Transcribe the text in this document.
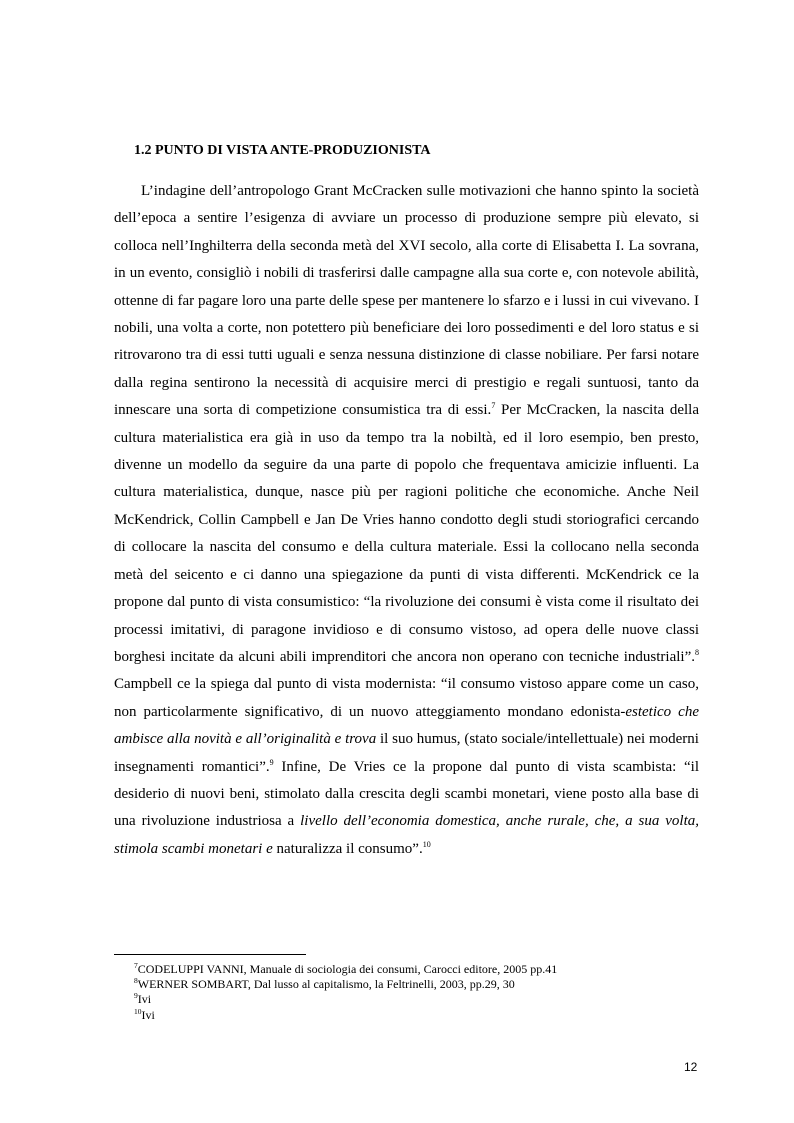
1.2 PUNTO DI VISTA ANTE-PRODUZIONISTA

L’indagine dell’antropologo Grant McCracken sulle motivazioni che hanno spinto la società dell’epoca a sentire l’esigenza di avviare un processo di produzione sempre più elevato, si colloca nell’Inghilterra della seconda metà del XVI secolo, alla corte di Elisabetta I. La sovrana, in un evento, consigliò i nobili di trasferirsi dalle campagne alla sua corte e, con notevole abilità, ottenne di far pagare loro una parte delle spese per mantenere lo sfarzo e i lussi in cui vivevano. I nobili, una volta a corte, non potettero più beneficiare dei loro possedimenti e del loro status e si ritrovarono tra di essi tutti uguali e senza nessuna distinzione di classe nobiliare. Per farsi notare dalla regina sentirono la necessità di acquisire merci di prestigio e regali suntuosi, tanto da innescare una sorta di competizione consumistica tra di essi.$^7$ Per McCracken, la nascita della cultura materialistica era già in uso da tempo tra la nobiltà, ed il loro esempio, ben presto, divenne un modello da seguire da una parte di popolo che frequentava amicizie influenti. La cultura materialistica, dunque, nasce più per ragioni politiche che economiche. Anche Neil McKendrick, Collin Campbell e Jan De Vries hanno condotto degli studi storiografici cercando di collocare la nascita del consumo e della cultura materiale. Essi la collocano nella seconda metà del seicento e ci danno una spiegazione da punti di vista differenti. McKendrick ce la propone dal punto di vista consumistico: “la rivoluzione dei consumi è vista come il risultato dei processi imitativi, di paragone invidioso e di consumo vistoso, ad opera delle nuove classi borghesi incitate da alcuni abili imprenditori che ancora non operano con tecniche industriali”.$^8$ Campbell ce la spiega dal punto di vista modernista: “il consumo vistoso appare come un caso, non particolarmente significativo, di un nuovo atteggiamento mondano edonista-estetico che ambisce alla novità e all’originalità e trova il suo humus, (stato sociale/intellettuale) nei moderni insegnamenti romantici”.$^9$ Infine, De Vries ce la propone dal punto di vista scambista: “il desiderio di nuovi beni, stimolato dalla crescita degli scambi monetari, viene posto alla base di una rivoluzione industriosa a livello dell’economia domestica, anche rurale, che, a sua volta, stimola scambi monetari e naturalizza il consumo”.$^{10}$

$^7$CODELUPPI VANNI, Manuale di sociologia dei consumi, Carocci editore, 2005 pp.41
$^8$WERNER SOMBART, Dal lusso al capitalismo, la Feltrinelli, 2003, pp.29, 30
$^9$Ivi
$^{10}$Ivi
12
